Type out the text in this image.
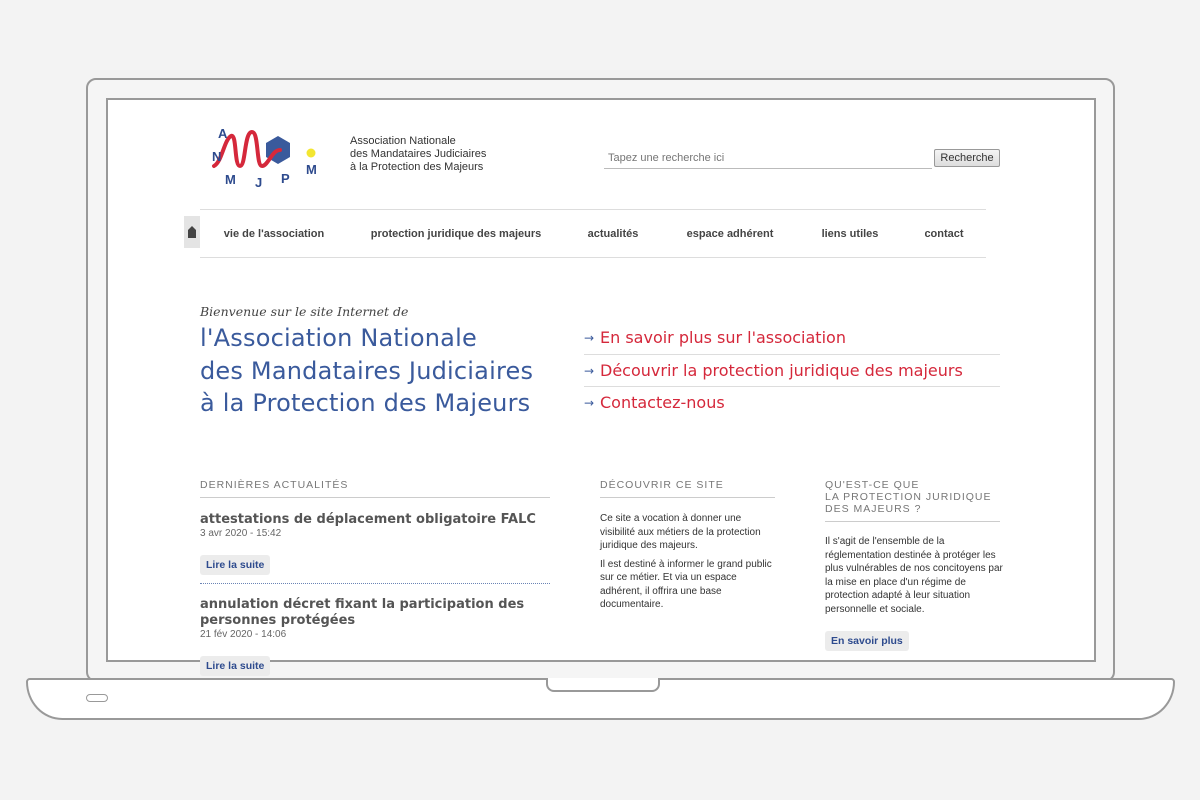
A
N
M J P
M
Association Nationale
des Mandataires Judiciaires
à la Protection des Majeurs
Tapez une recherche ici
Recherche
vie de l'association	protection juridique des majeurs	actualités	espace adhérent	liens utiles	contact
Bienvenue sur le site Internet de
l'Association Nationale
des Mandataires Judiciaires
à la Protection des Majeurs
→ En savoir plus sur l'association
→ Découvrir la protection juridique des majeurs
→ Contactez-nous
DERNIÈRES ACTUALITÉS
attestations de déplacement obligatoire FALC
3 avr 2020 - 15:42
Lire la suite
annulation décret fixant la participation des personnes protégées
21 fév 2020 - 14:06
Lire la suite
DÉCOUVRIR CE SITE

Ce site a vocation à donner une visibilité aux métiers de la protection juridique des majeurs.

Il est destiné à informer le grand public sur ce métier. Et via un espace adhérent, il offrira une base documentaire.

QU'EST-CE QUE
LA PROTECTION JURIDIQUE
DES MAJEURS ?
Il s'agit de l'ensemble de la réglementation destinée à protéger les plus vulnérables de nos concitoyens par la mise en place d'un régime de protection adapté à leur situation personnelle et sociale.
En savoir plus
